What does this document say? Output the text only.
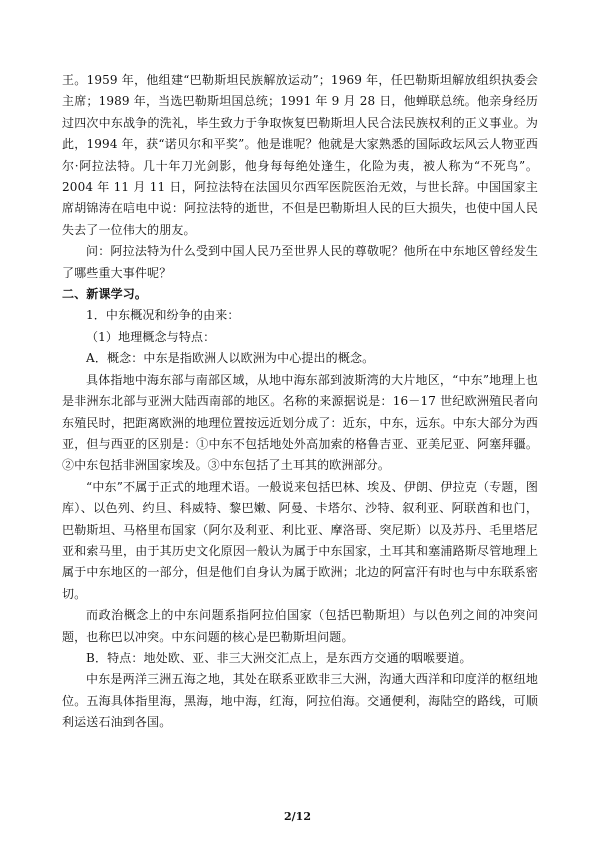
王。1959 年，他组建“巴勒斯坦民族解放运动”；1969 年，任巴勒斯坦解放组织执委会主席；1989 年，当选巴勒斯坦国总统；1991 年 9 月 28 日，他蝉联总统。他亲身经历过四次中东战争的洗礼，毕生致力于争取恢复巴勒斯坦人民合法民族权利的正义事业。为此，1994 年，获“诺贝尔和平奖”。他是谁呢？他就是大家熟悉的国际政坛风云人物亚西尔·阿拉法特。几十年刀光剑影，他身每每绝处逢生，化险为夷，被人称为“不死鸟”。2004 年 11 月 11 日，阿拉法特在法国贝尔西军医院医治无效，与世长辞。中国国家主席胡锦涛在唁电中说：阿拉法特的逝世，不但是巴勒斯坦人民的巨大损失，也使中国人民失去了一位伟大的朋友。

问：阿拉法特为什么受到中国人民乃至世界人民的尊敬呢？他所在中东地区曾经发生了哪些重大事件呢？

二、新课学习。

1．中东概况和纷争的由来：

（1）地理概念与特点：

A．概念：中东是指欧洲人以欧洲为中心提出的概念。

具体指地中海东部与南部区域，从地中海东部到波斯湾的大片地区，“中东”地理上也是非洲东北部与亚洲大陆西南部的地区。名称的来源据说是：16－17 世纪欧洲殖民者向东殖民时，把距离欧洲的地理位置按远近划分成了：近东，中东，远东。中东大部分为西亚，但与西亚的区别是：①中东不包括地处外高加索的格鲁吉亚、亚美尼亚、阿塞拜疆。②中东包括非洲国家埃及。③中东包括了土耳其的欧洲部分。

“中东”不属于正式的地理术语。一般说来包括巴林、埃及、伊朗、伊拉克（专题，图库）、以色列、约旦、科威特、黎巴嫩、阿曼、卡塔尔、沙特、叙利亚、阿联酋和也门，巴勒斯坦、马格里布国家（阿尔及利亚、利比亚、摩洛哥、突尼斯）以及苏丹、毛里塔尼亚和索马里，由于其历史文化原因一般认为属于中东国家，土耳其和塞浦路斯尽管地理上属于中东地区的一部分，但是他们自身认为属于欧洲；北边的阿富汗有时也与中东联系密切。

而政治概念上的中东问题系指阿拉伯国家（包括巴勒斯坦）与以色列之间的冲突问题，也称巴以冲突。中东问题的核心是巴勒斯坦问题。

B．特点：地处欧、亚、非三大洲交汇点上，是东西方交通的咽喉要道。

中东是两洋三洲五海之地，其处在联系亚欧非三大洲，沟通大西洋和印度洋的枢纽地位。五海具体指里海，黑海，地中海，红海，阿拉伯海。交通便利，海陆空的路线，可顺利运送石油到各国。

2/12
